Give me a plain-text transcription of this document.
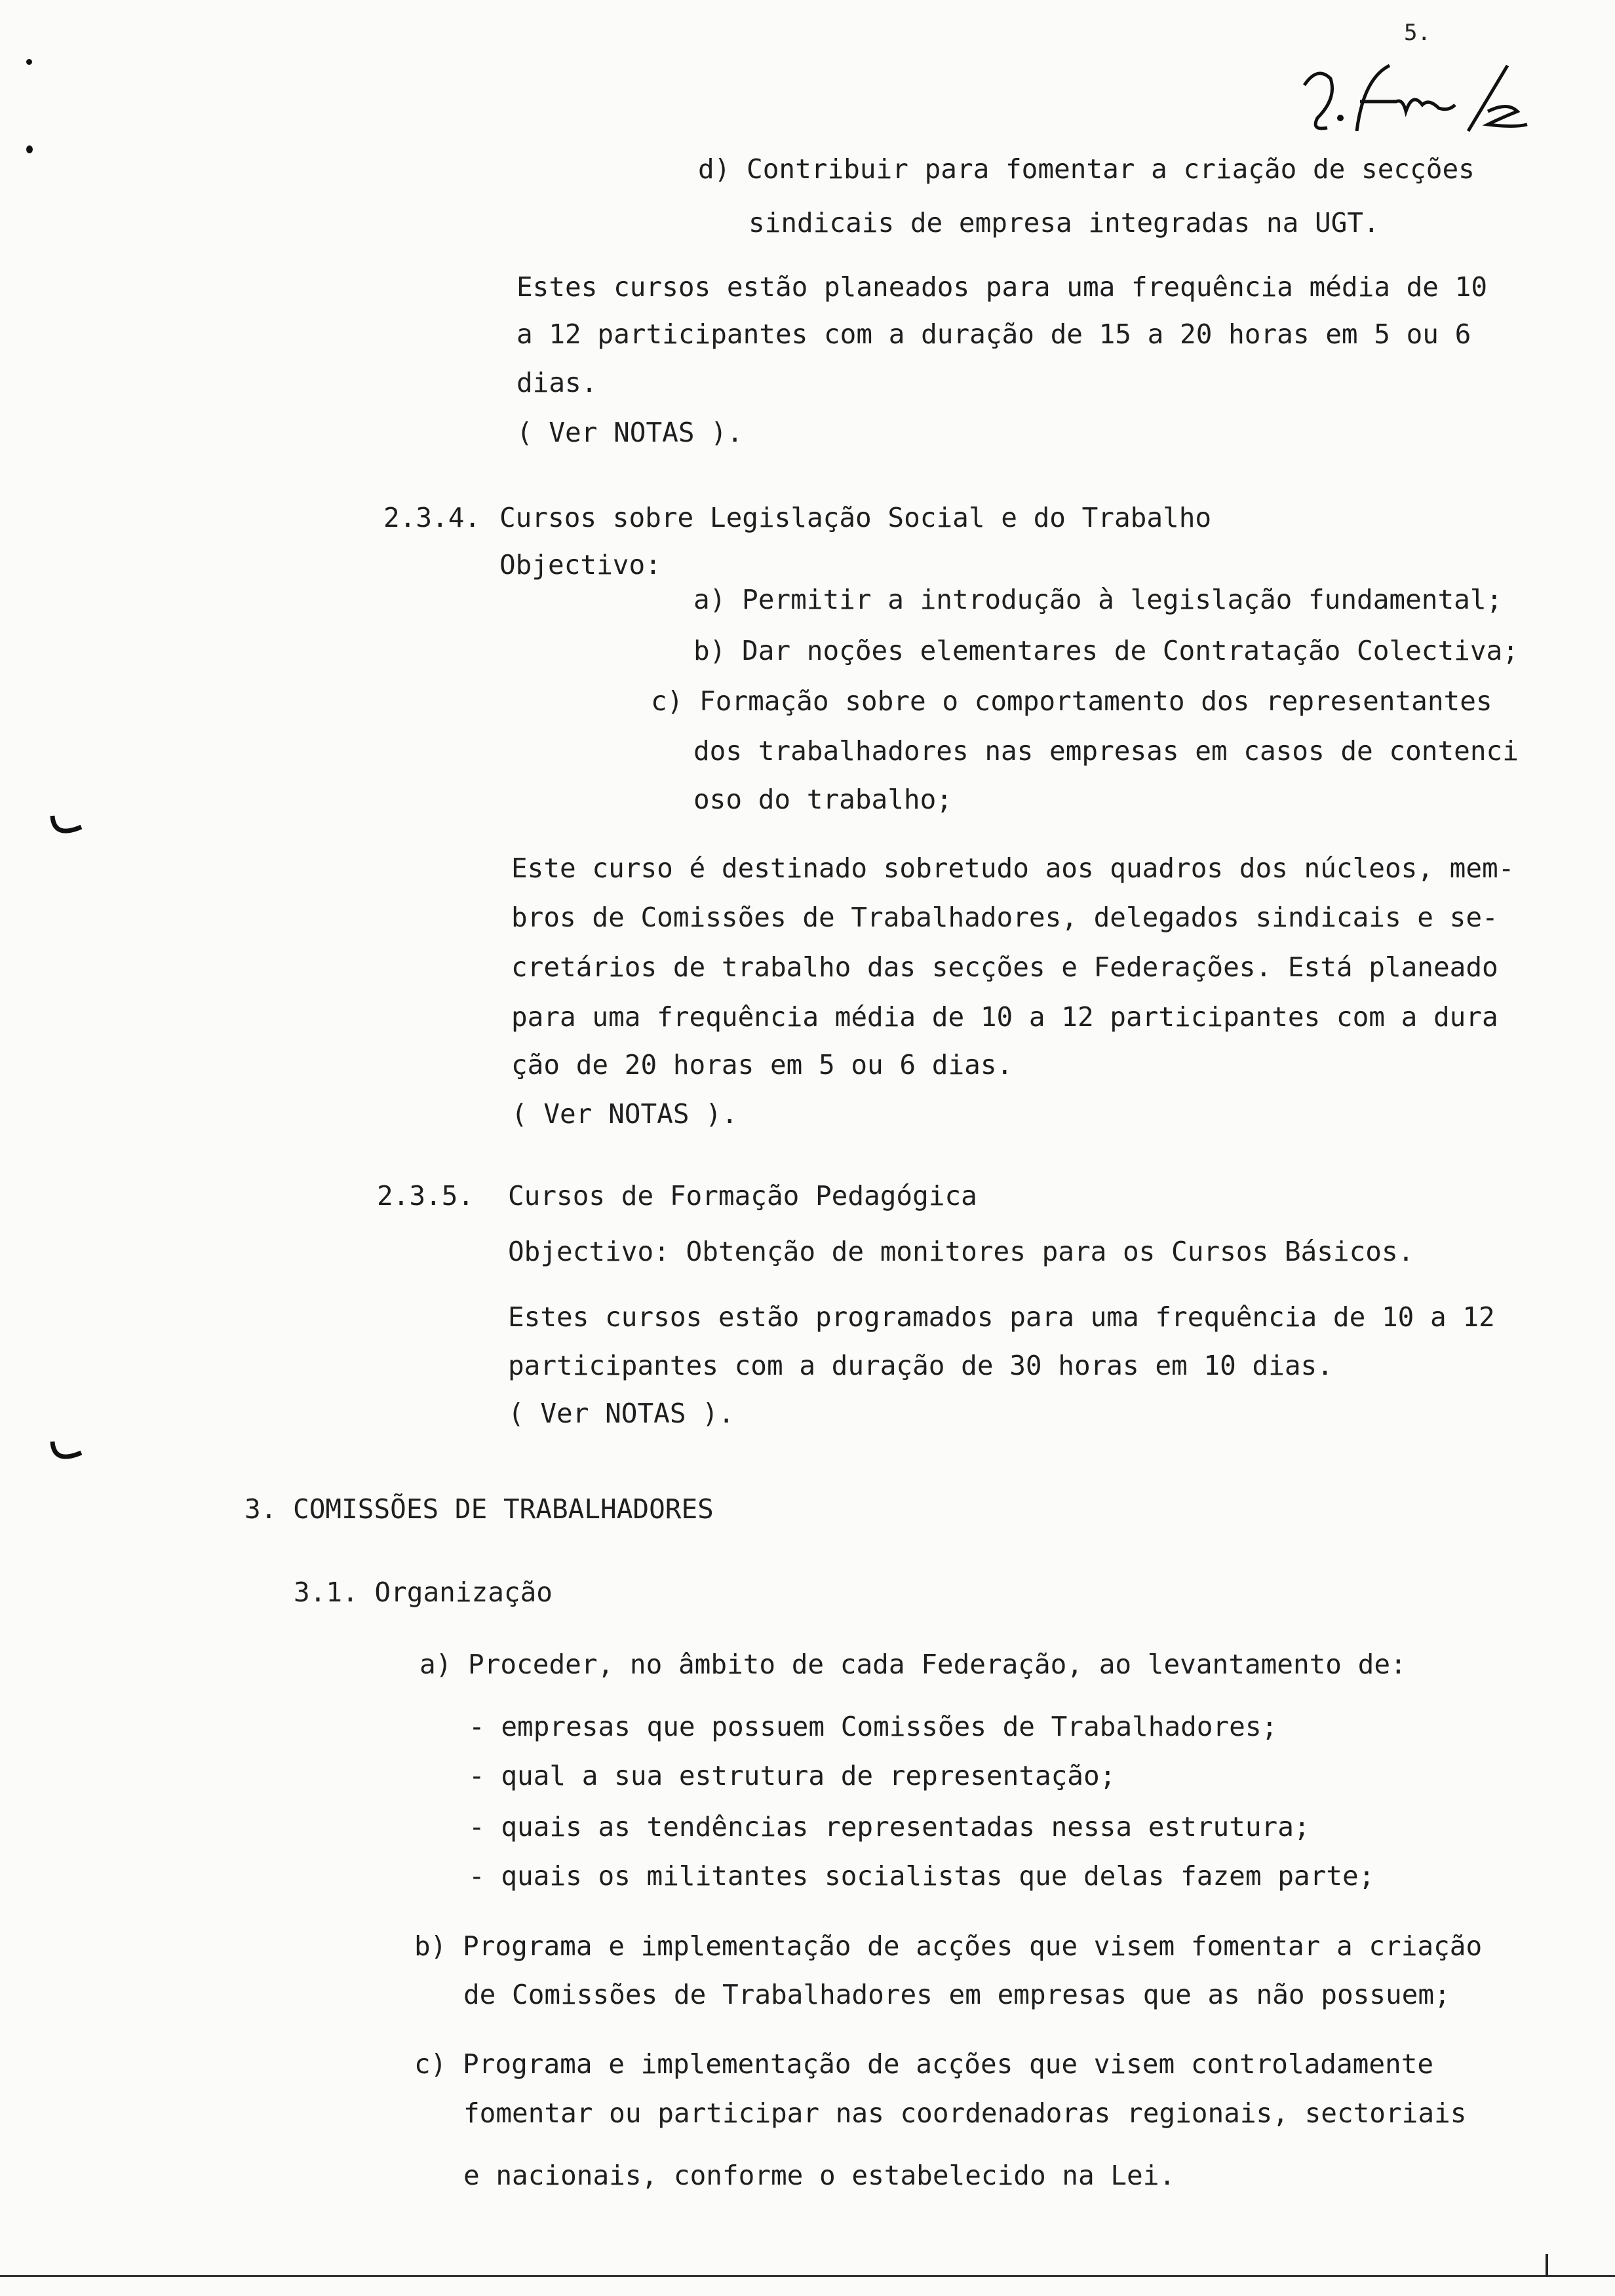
5.
d) Contribuir para fomentar a criação de secções
sindicais de empresa integradas na UGT.
Estes cursos estão planeados para uma frequência média de 10
a 12 participantes com a duração de 15 a 20 horas em 5 ou 6
dias.
( Ver NOTAS ).
2.3.4. Cursos sobre Legislação Social e do Trabalho
Objectivo:
a) Permitir a introdução à legislação fundamental;
b) Dar noções elementares de Contratação Colectiva;
c) Formação sobre o comportamento dos representantes
dos trabalhadores nas empresas em casos de contenci
oso do trabalho;
Este curso é destinado sobretudo aos quadros dos núcleos, mem-
bros de Comissões de Trabalhadores, delegados sindicais e se-
cretários de trabalho das secções e Federações. Está planeado
para uma frequência média de 10 a 12 participantes com a dura
ção de 20 horas em 5 ou 6 dias.
( Ver NOTAS ).
2.3.5. Cursos de Formação Pedagógica
Objectivo: Obtenção de monitores para os Cursos Básicos.
Estes cursos estão programados para uma frequência de 10 a 12
participantes com a duração de 30 horas em 10 dias.
( Ver NOTAS ).
3. COMISSÕES DE TRABALHADORES
3.1. Organização
a) Proceder, no âmbito de cada Federação, ao levantamento de:
- empresas que possuem Comissões de Trabalhadores;
- qual a sua estrutura de representação;
- quais as tendências representadas nessa estrutura;
- quais os militantes socialistas que delas fazem parte;
b) Programa e implementação de acções que visem fomentar a criação
de Comissões de Trabalhadores em empresas que as não possuem;
c) Programa e implementação de acções que visem controladamente
fomentar ou participar nas coordenadoras regionais, sectoriais
e nacionais, conforme o estabelecido na Lei.
